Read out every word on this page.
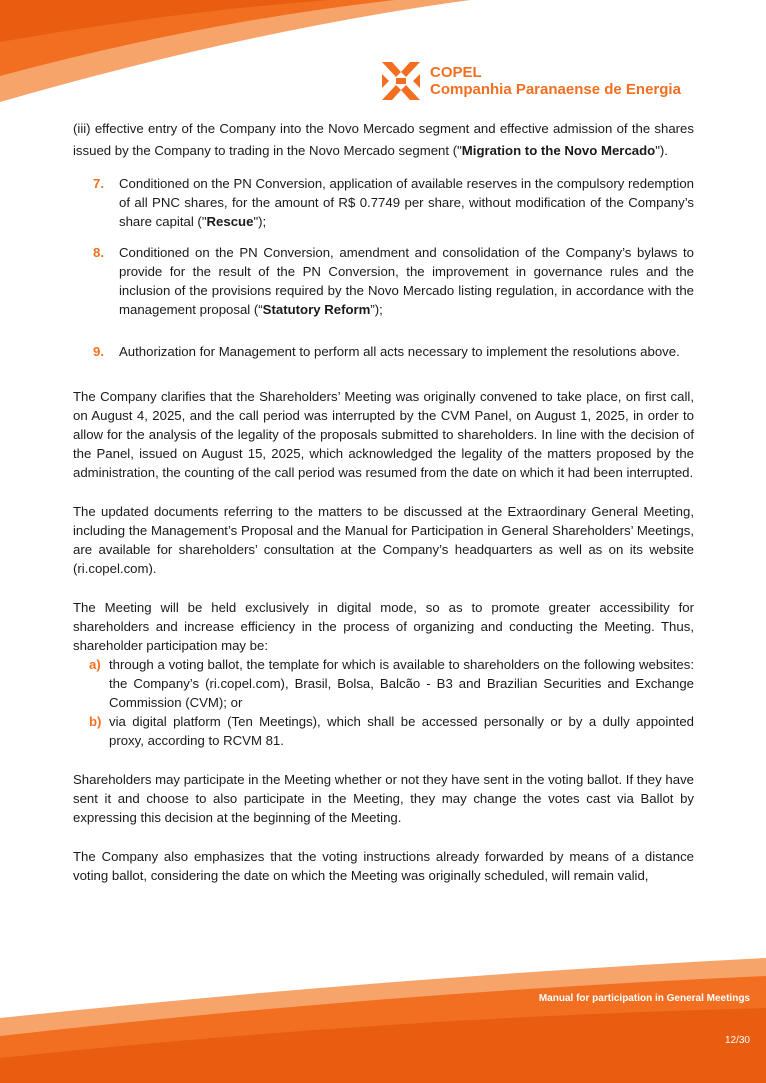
COPEL
Companhia Paranaense de Energia

(iii) effective entry of the Company into the Novo Mercado segment and effective admission of the shares issued by the Company to trading in the Novo Mercado segment ("Migration to the Novo Mercado").

7.	Conditioned on the PN Conversion, application of available reserves in the compulsory redemption of all PNC shares, for the amount of R$ 0.7749 per share, without modification of the Company’s share capital ("Rescue");

8.	Conditioned on the PN Conversion, amendment and consolidation of the Company’s bylaws to provide for the result of the PN Conversion, the improvement in governance rules and the inclusion of the provisions required by the Novo Mercado listing regulation, in accordance with the management proposal (“Statutory Reform”);

9.	Authorization for Management to perform all acts necessary to implement the resolutions above.

The Company clarifies that the Shareholders’ Meeting was originally convened to take place, on first call, on August 4, 2025, and the call period was interrupted by the CVM Panel, on August 1, 2025, in order to allow for the analysis of the legality of the proposals submitted to shareholders. In line with the decision of the Panel, issued on August 15, 2025, which acknowledged the legality of the matters proposed by the administration, the counting of the call period was resumed from the date on which it had been interrupted.

The updated documents referring to the matters to be discussed at the Extraordinary General Meeting, including the Management’s Proposal and the Manual for Participation in General Shareholders’ Meetings, are available for shareholders’ consultation at the Company’s headquarters as well as on its website (ri.copel.com).

The Meeting will be held exclusively in digital mode, so as to promote greater accessibility for shareholders and increase efficiency in the process of organizing and conducting the Meeting. Thus, shareholder participation may be:

a) through a voting ballot, the template for which is available to shareholders on the following websites: the Company’s (ri.copel.com), Brasil, Bolsa, Balcão - B3 and Brazilian Securities and Exchange Commission (CVM); or

b) via digital platform (Ten Meetings), which shall be accessed personally or by a dully appointed proxy, according to RCVM 81.

Shareholders may participate in the Meeting whether or not they have sent in the voting ballot. If they have sent it and choose to also participate in the Meeting, they may change the votes cast via Ballot by expressing this decision at the beginning of the Meeting.

The Company also emphasizes that the voting instructions already forwarded by means of a distance voting ballot, considering the date on which the Meeting was originally scheduled, will remain valid,

Manual for participation in General Meetings
12/30
